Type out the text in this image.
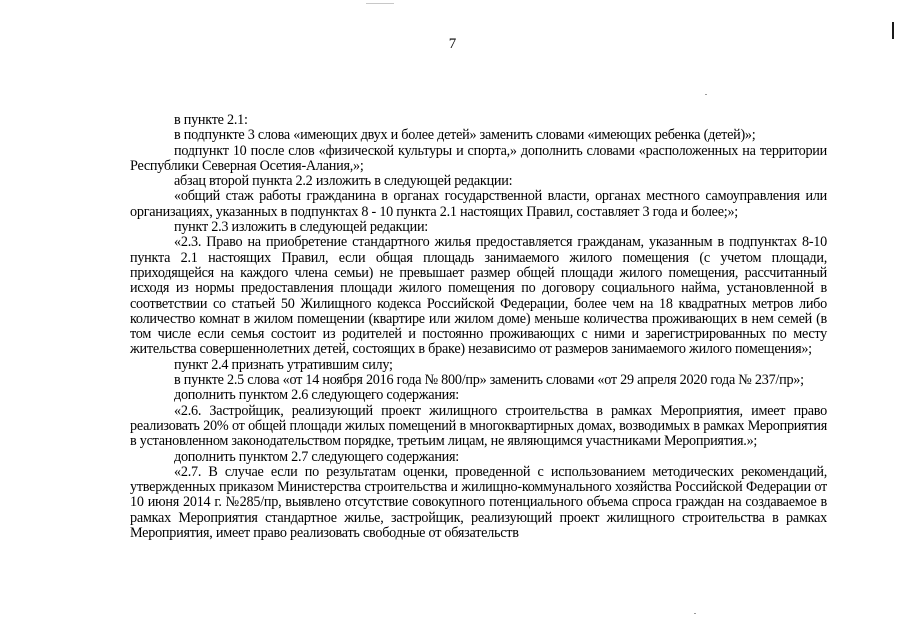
7

в пункте 2.1:

в подпункте 3 слова «имеющих двух и более детей» заменить словами «имеющих ребенка (детей)»;

подпункт 10 после слов «физической культуры и спорта,» дополнить словами «расположенных на территории Республики Северная Осетия-Алания,»;

абзац второй пункта 2.2 изложить в следующей редакции:

«общий стаж работы гражданина в органах государственной власти, органах местного самоуправления или организациях, указанных в подпунктах 8 - 10 пункта 2.1 настоящих Правил, составляет 3 года и более;»;

пункт 2.3 изложить в следующей редакции:

«2.3. Право на приобретение стандартного жилья предоставляется гражданам, указанным в подпунктах 8-10 пункта 2.1 настоящих Правил, если общая площадь занимаемого жилого помещения (с учетом площади, приходящейся на каждого члена семьи) не превышает размер общей площади жилого помещения, рассчитанный исходя из нормы предоставления площади жилого помещения по договору социального найма, установленной в соответствии со статьей 50 Жилищного кодекса Российской Федерации, более чем на 18 квадратных метров либо количество комнат в жилом помещении (квартире или жилом доме) меньше количества проживающих в нем семей (в том числе если семья состоит из родителей и постоянно проживающих с ними и зарегистрированных по месту жительства совершеннолетних детей, состоящих в браке) независимо от размеров занимаемого жилого помещения»;

пункт 2.4 признать утратившим силу;

в пункте 2.5 слова «от 14 ноября 2016 года № 800/пр» заменить словами «от 29 апреля 2020 года № 237/пр»;

дополнить пунктом 2.6 следующего содержания:

«2.6. Застройщик, реализующий проект жилищного строительства в рамках Мероприятия, имеет право реализовать 20% от общей площади жилых помещений в многоквартирных домах, возводимых в рамках Мероприятия в установленном законодательством порядке, третьим лицам, не являющимся участниками Мероприятия.»;

дополнить пунктом 2.7 следующего содержания:

«2.7. В случае если по результатам оценки, проведенной с использованием методических рекомендаций, утвержденных приказом Министерства строительства и жилищно-коммунального хозяйства Российской Федерации от 10 июня 2014 г. №285/пр, выявлено отсутствие совокупного потенциального объема спроса граждан на создаваемое в рамках Мероприятия стандартное жилье, застройщик, реализующий проект жилищного строительства в рамках Мероприятия, имеет право реализовать свободные от обязательств
